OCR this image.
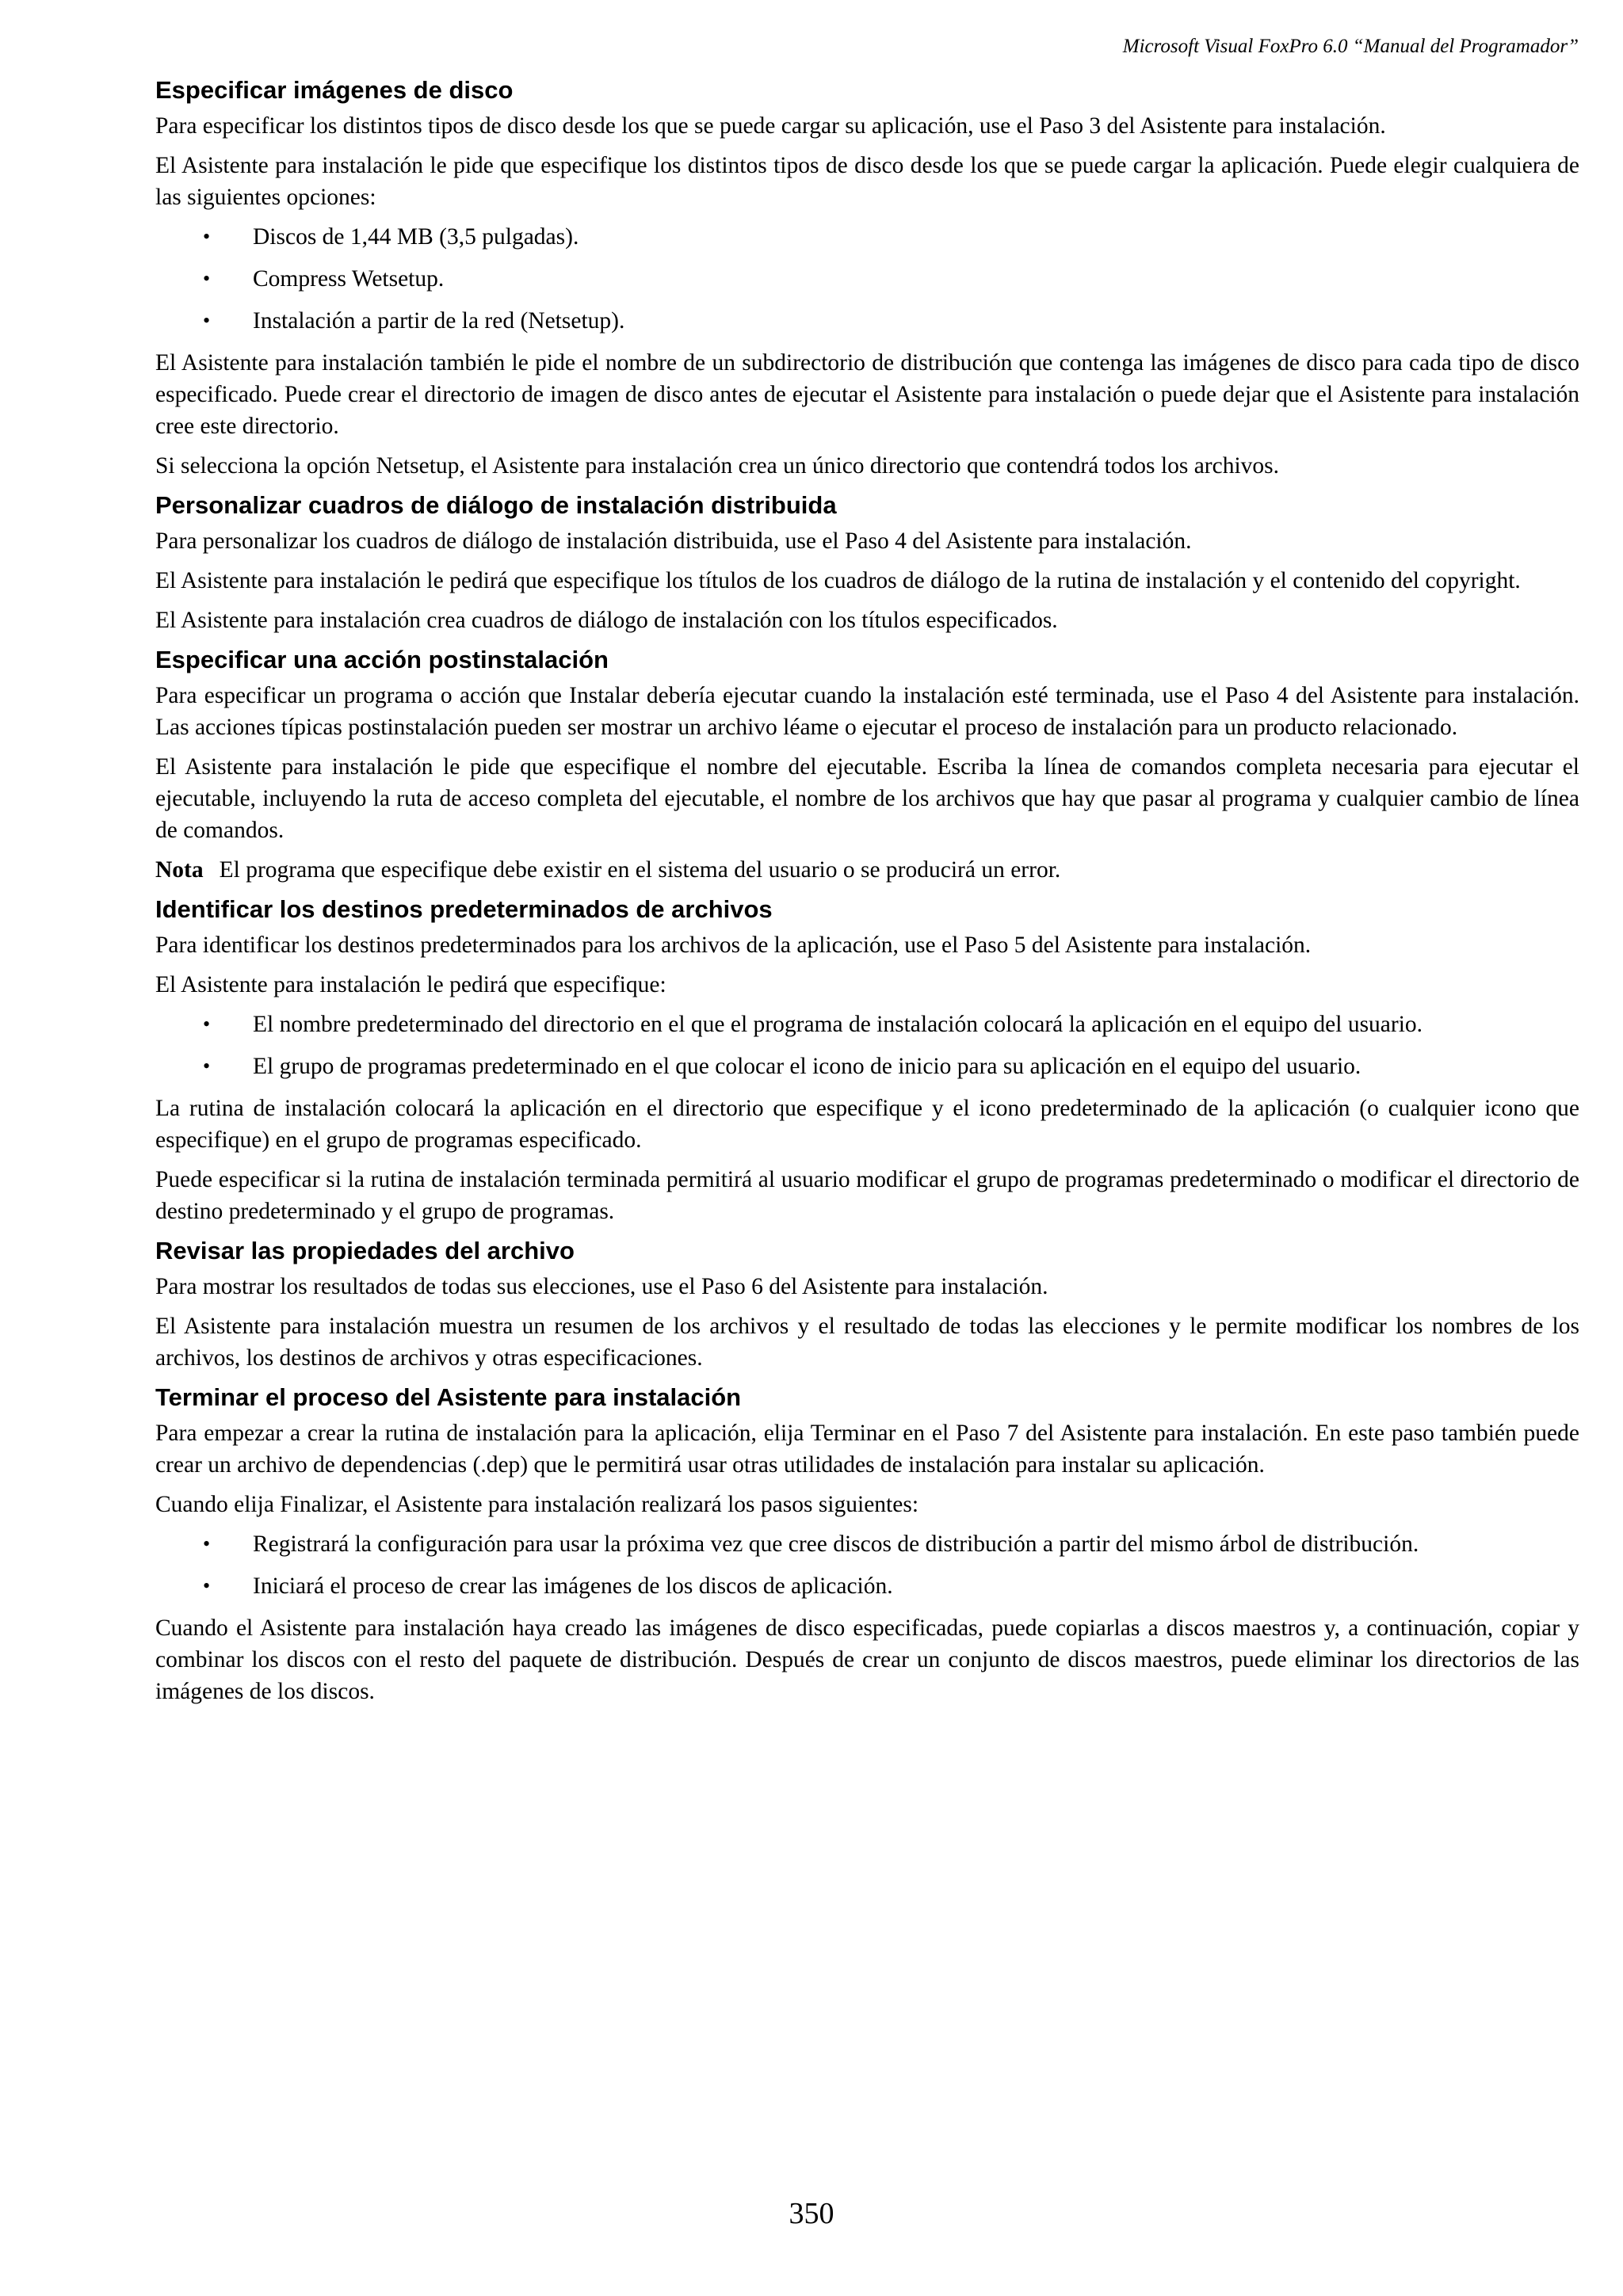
Microsoft Visual FoxPro 6.0 “Manual del Programador”
Especificar imágenes de disco

Para especificar los distintos tipos de disco desde los que se puede cargar su aplicación, use el Paso 3 del Asistente para instalación.

El Asistente para instalación le pide que especifique los distintos tipos de disco desde los que se puede cargar la aplicación. Puede elegir cualquiera de las siguientes opciones:

• Discos de 1,44 MB (3,5 pulgadas).
• Compress Wetsetup.
• Instalación a partir de la red (Netsetup).

El Asistente para instalación también le pide el nombre de un subdirectorio de distribución que contenga las imágenes de disco para cada tipo de disco especificado. Puede crear el directorio de imagen de disco antes de ejecutar el Asistente para instalación o puede dejar que el Asistente para instalación cree este directorio.

Si selecciona la opción Netsetup, el Asistente para instalación crea un único directorio que contendrá todos los archivos.

Personalizar cuadros de diálogo de instalación distribuida

Para personalizar los cuadros de diálogo de instalación distribuida, use el Paso 4 del Asistente para instalación.

El Asistente para instalación le pedirá que especifique los títulos de los cuadros de diálogo de la rutina de instalación y el contenido del copyright.

El Asistente para instalación crea cuadros de diálogo de instalación con los títulos especificados.

Especificar una acción postinstalación

Para especificar un programa o acción que Instalar debería ejecutar cuando la instalación esté terminada, use el Paso 4 del Asistente para instalación. Las acciones típicas postinstalación pueden ser mostrar un archivo léame o ejecutar el proceso de instalación para un producto relacionado.

El Asistente para instalación le pide que especifique el nombre del ejecutable. Escriba la línea de comandos completa necesaria para ejecutar el ejecutable, incluyendo la ruta de acceso completa del ejecutable, el nombre de los archivos que hay que pasar al programa y cualquier cambio de línea de comandos.

Nota El programa que especifique debe existir en el sistema del usuario o se producirá un error.

Identificar los destinos predeterminados de archivos

Para identificar los destinos predeterminados para los archivos de la aplicación, use el Paso 5 del Asistente para instalación.

El Asistente para instalación le pedirá que especifique:

• El nombre predeterminado del directorio en el que el programa de instalación colocará la aplicación en el equipo del usuario.
• El grupo de programas predeterminado en el que colocar el icono de inicio para su aplicación en el equipo del usuario.

La rutina de instalación colocará la aplicación en el directorio que especifique y el icono predeterminado de la aplicación (o cualquier icono que especifique) en el grupo de programas especificado.

Puede especificar si la rutina de instalación terminada permitirá al usuario modificar el grupo de programas predeterminado o modificar el directorio de destino predeterminado y el grupo de programas.

Revisar las propiedades del archivo

Para mostrar los resultados de todas sus elecciones, use el Paso 6 del Asistente para instalación.

El Asistente para instalación muestra un resumen de los archivos y el resultado de todas las elecciones y le permite modificar los nombres de los archivos, los destinos de archivos y otras especificaciones.

Terminar el proceso del Asistente para instalación

Para empezar a crear la rutina de instalación para la aplicación, elija Terminar en el Paso 7 del Asistente para instalación. En este paso también puede crear un archivo de dependencias (.dep) que le permitirá usar otras utilidades de instalación para instalar su aplicación.

Cuando elija Finalizar, el Asistente para instalación realizará los pasos siguientes:

• Registrará la configuración para usar la próxima vez que cree discos de distribución a partir del mismo árbol de distribución.
• Iniciará el proceso de crear las imágenes de los discos de aplicación.

Cuando el Asistente para instalación haya creado las imágenes de disco especificadas, puede copiarlas a discos maestros y, a continuación, copiar y combinar los discos con el resto del paquete de distribución. Después de crear un conjunto de discos maestros, puede eliminar los directorios de las imágenes de los discos.

350
